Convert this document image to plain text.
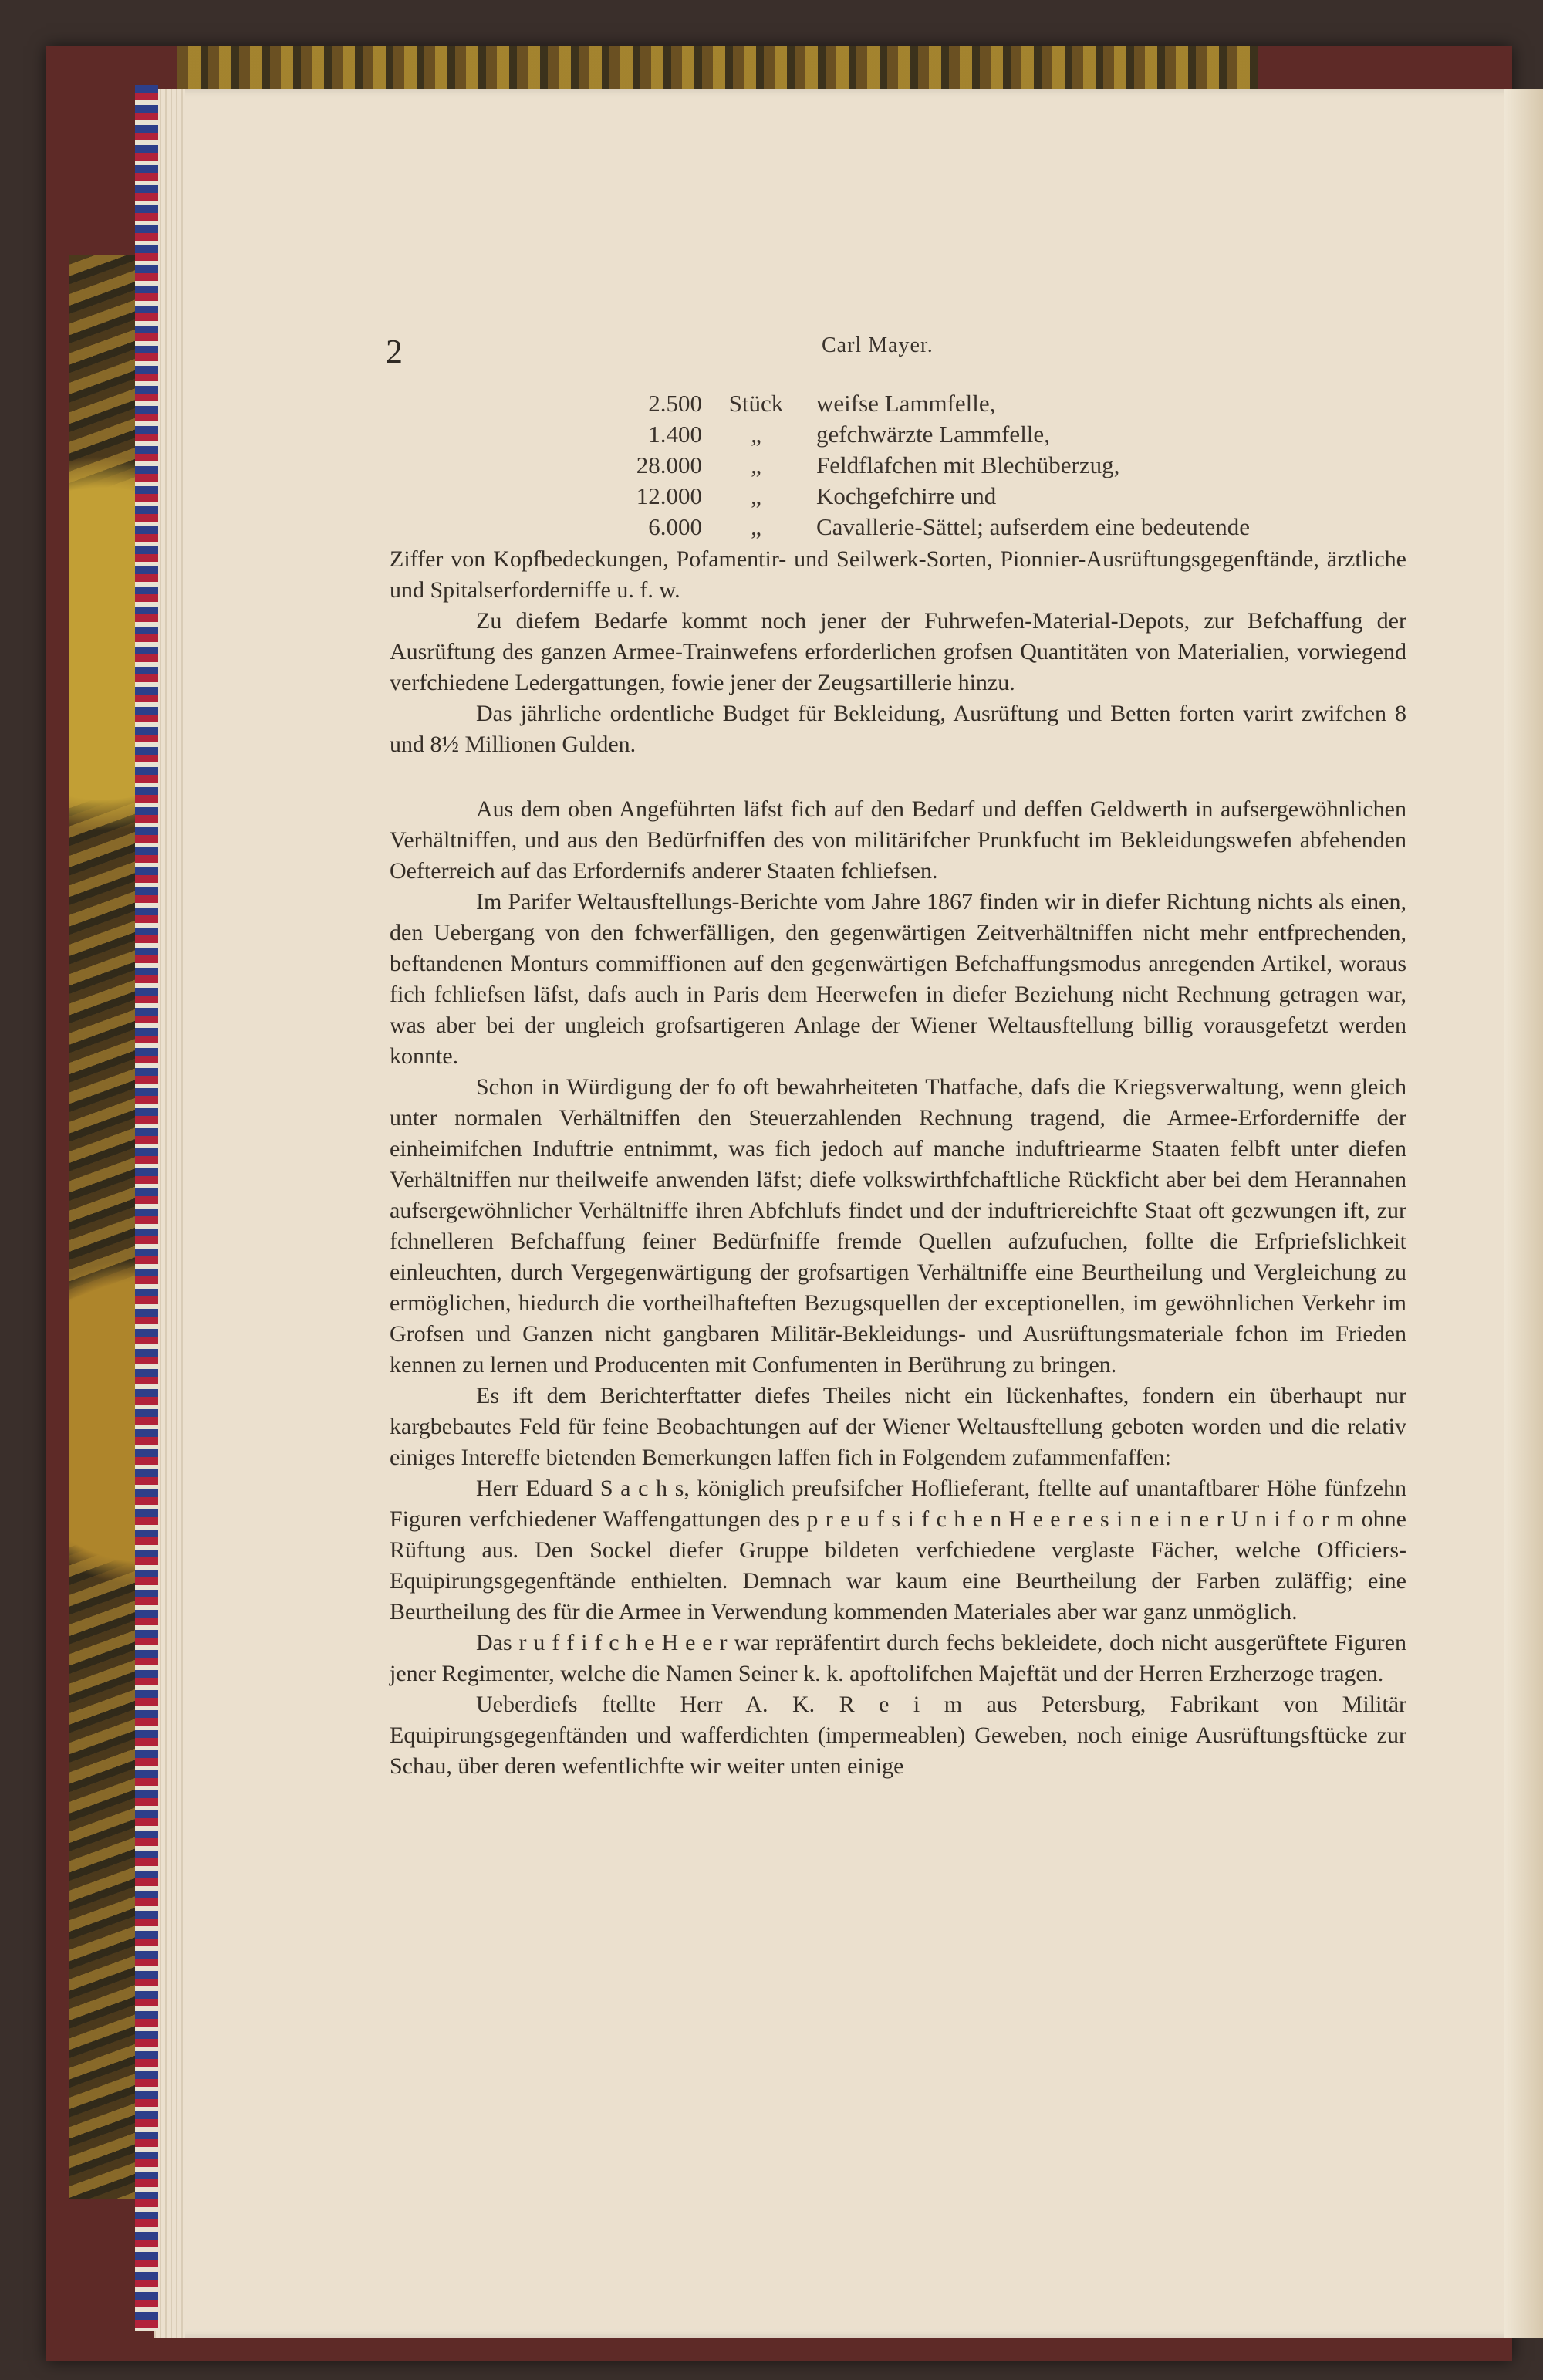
2	Carl Mayer.
2.500	Stück	weifse Lammfelle,
1.400	„	gefchwärzte Lammfelle,
28.000	„	Feldflafchen mit Blechüberzug,
12.000	„	Kochgefchirre und
6.000	„	Cavallerie-Sättel; aufserdem eine bedeutende

Ziffer von Kopfbedeckungen, Pofamentir- und Seilwerk-Sorten, Pionnier-Ausrüftungsgegenftände, ärztliche und Spitalserforderniffe u. f. w.

Zu diefem Bedarfe kommt noch jener der Fuhrwefen-Material-Depots, zur Befchaffung der Ausrüftung des ganzen Armee-Trainwefens erforderlichen grofsen Quantitäten von Materialien, vorwiegend verfchiedene Ledergattungen, fowie jener der Zeugsartillerie hinzu.

Das jährliche ordentliche Budget für Bekleidung, Ausrüftung und Betten forten varirt zwifchen 8 und 8½ Millionen Gulden.

Aus dem oben Angeführten läfst fich auf den Bedarf und deffen Geldwerth in aufsergewöhnlichen Verhältniffen, und aus den Bedürfniffen des von militärifcher Prunkfucht im Bekleidungswefen abfehenden Oefterreich auf das Erfordernifs anderer Staaten fchliefsen.

Im Parifer Weltausftellungs-Berichte vom Jahre 1867 finden wir in diefer Richtung nichts als einen, den Uebergang von den fchwerfälligen, den gegenwärtigen Zeitverhältniffen nicht mehr entfprechenden, beftandenen Monturs commiffionen auf den gegenwärtigen Befchaffungsmodus anregenden Artikel, woraus fich fchliefsen läfst, dafs auch in Paris dem Heerwefen in diefer Beziehung nicht Rechnung getragen war, was aber bei der ungleich grofsartigeren Anlage der Wiener Weltausftellung billig vorausgefetzt werden konnte.

Schon in Würdigung der fo oft bewahrheiteten Thatfache, dafs die Kriegsverwaltung, wenn gleich unter normalen Verhältniffen den Steuerzahlenden Rechnung tragend, die Armee-Erforderniffe der einheimifchen Induftrie entnimmt, was fich jedoch auf manche induftriearme Staaten felbft unter diefen Verhältniffen nur theilweife anwenden läfst; diefe volkswirthfchaftliche Rückficht aber bei dem Herannahen aufsergewöhnlicher Verhältniffe ihren Abfchlufs findet und der induftriereichfte Staat oft gezwungen ift, zur fchnelleren Befchaffung feiner Bedürfniffe fremde Quellen aufzufuchen, follte die Erfpriefslichkeit einleuchten, durch Vergegenwärtigung der grofsartigen Verhältniffe eine Beurtheilung und Vergleichung zu ermöglichen, hiedurch die vortheilhafteften Bezugsquellen der exceptionellen, im gewöhnlichen Verkehr im Grofsen und Ganzen nicht gangbaren Militär-Bekleidungs- und Ausrüftungsmateriale fchon im Frieden kennen zu lernen und Producenten mit Confumenten in Berührung zu bringen.

Es ift dem Berichterftatter diefes Theiles nicht ein lückenhaftes, fondern ein überhaupt nur kargbebautes Feld für feine Beobachtungen auf der Wiener Weltausftellung geboten worden und die relativ einiges Intereffe bietenden Bemerkungen laffen fich in Folgendem zufammenfaffen:

Herr Eduard S a c h s, königlich preufsifcher Hoflieferant, ftellte auf unantaftbarer Höhe fünfzehn Figuren verfchiedener Waffengattungen des p r e u f s i f c h e n H e e r e s i n e i n e r U n i f o r m ohne Rüftung aus. Den Sockel diefer Gruppe bildeten verfchiedene verglaste Fächer, welche Officiers-Equipirungsgegenftände enthielten. Demnach war kaum eine Beurtheilung der Farben zuläffig; eine Beurtheilung des für die Armee in Verwendung kommenden Materiales aber war ganz unmöglich.

Das r u f f i f c h e H e e r war repräfentirt durch fechs bekleidete, doch nicht ausgerüftete Figuren jener Regimenter, welche die Namen Seiner k. k. apoftolifchen Majeftät und der Herren Erzherzoge tragen.

Ueberdiefs ftellte Herr A. K. R e i m aus Petersburg, Fabrikant von Militär Equipirungsgegenftänden und wafferdichten (impermeablen) Geweben, noch einige Ausrüftungsftücke zur Schau, über deren wefentlichfte wir weiter unten einige
